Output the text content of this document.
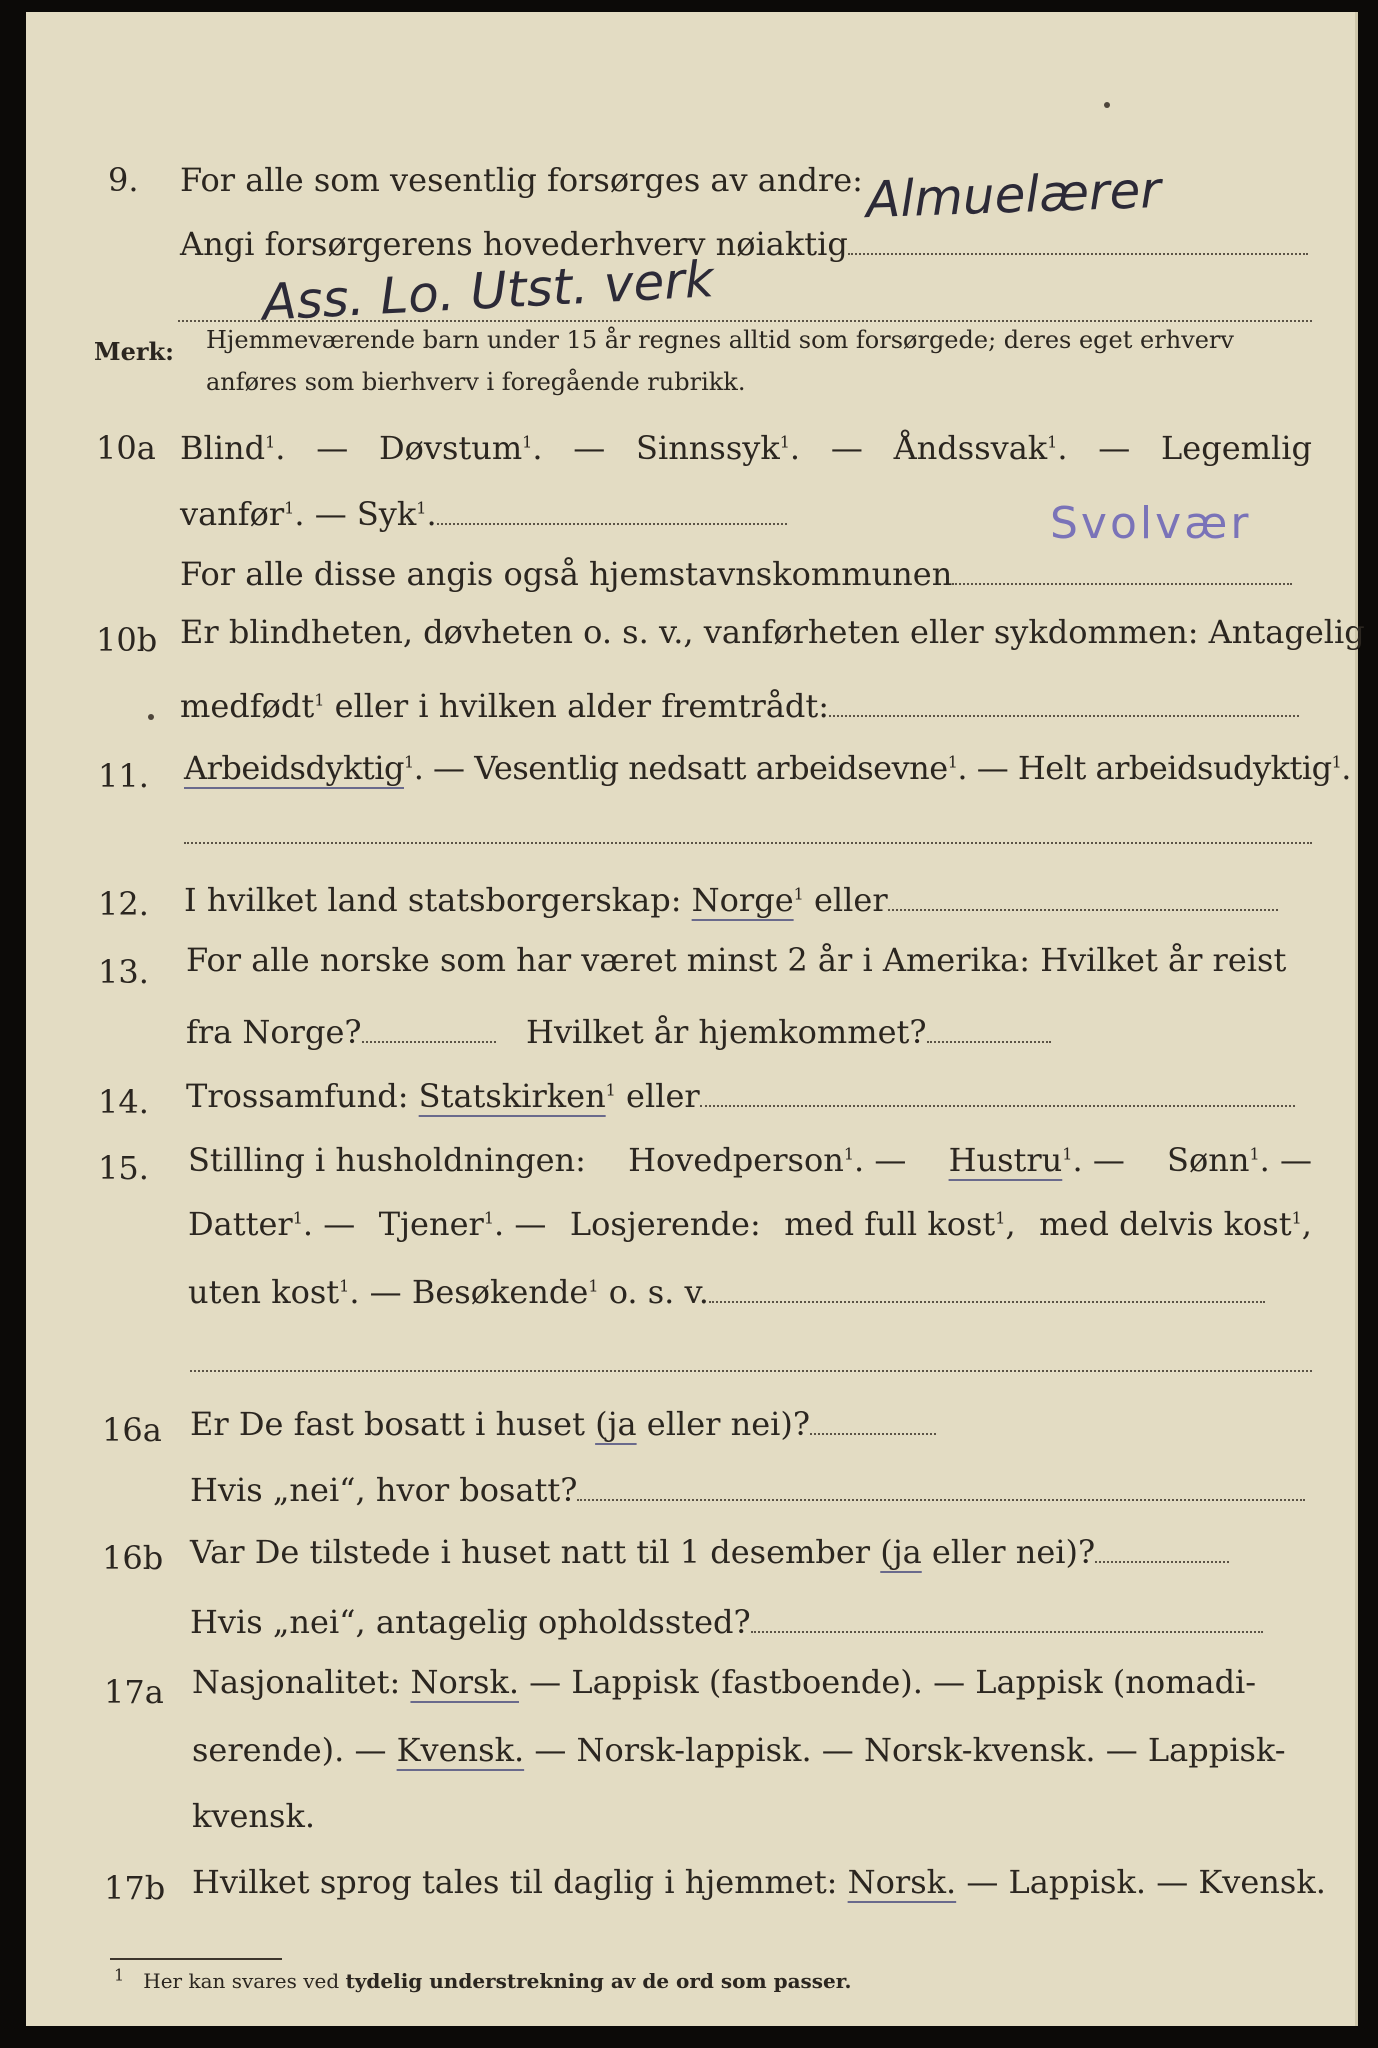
9. For alle som vesentlig forsørges av andre: Almuelærer
Angi forsørgerens hovederhverv nøiaktig
Ass. Lo. Utst. verk
Merk: Hjemmeværende barn under 15 år regnes alltid som forsørgede; deres eget erhverv
anføres som bierhverv i foregående rubrikk.
10a Blind$^1$. — Døvstum$^1$. — Sinnssyk$^1$. — Åndssvak$^1$. — Legemlig
vanfør$^1$. — Syk$^1$.	Svolvær
For alle disse angis også hjemstavnskommunen
10b Er blindheten, døvheten o. s. v., vanførheten eller sykdommen: Antagelig
medfødt$^1$ eller i hvilken alder fremtrådt:
11. Arbeidsdyktig$^1$. — Vesentlig nedsatt arbeidsevne$^1$. — Helt arbeidsudyktig$^1$.
12. I hvilket land statsborgerskap: Norge$^1$ eller
13. For alle norske som har været minst 2 år i Amerika: Hvilket år reist
fra Norge?	Hvilket år hjemkommet?
14. Trossamfund: Statskirken$^1$ eller
15. Stilling i husholdningen: Hovedperson$^1$. — Hustru$^1$. — Sønn$^1$. —
Datter$^1$. — Tjener$^1$. — Losjerende: med full kost$^1$, med delvis kost$^1$,
uten kost$^1$. — Besøkende$^1$ o. s. v.
16a Er De fast bosatt i huset (ja eller nei)?
Hvis „nei“, hvor bosatt?
16b Var De tilstede i huset natt til 1 desember (ja eller nei)?
Hvis „nei“, antagelig opholdssted?
17a Nasjonalitet: Norsk. — Lappisk (fastboende). — Lappisk (nomadi-
serende). — Kvensk. — Norsk-lappisk. — Norsk-kvensk. — Lappisk-
kvensk.
17b Hvilket sprog tales til daglig i hjemmet: Norsk. — Lappisk. — Kvensk.
$^1$ Her kan svares ved tydelig understrekning av de ord som passer.
